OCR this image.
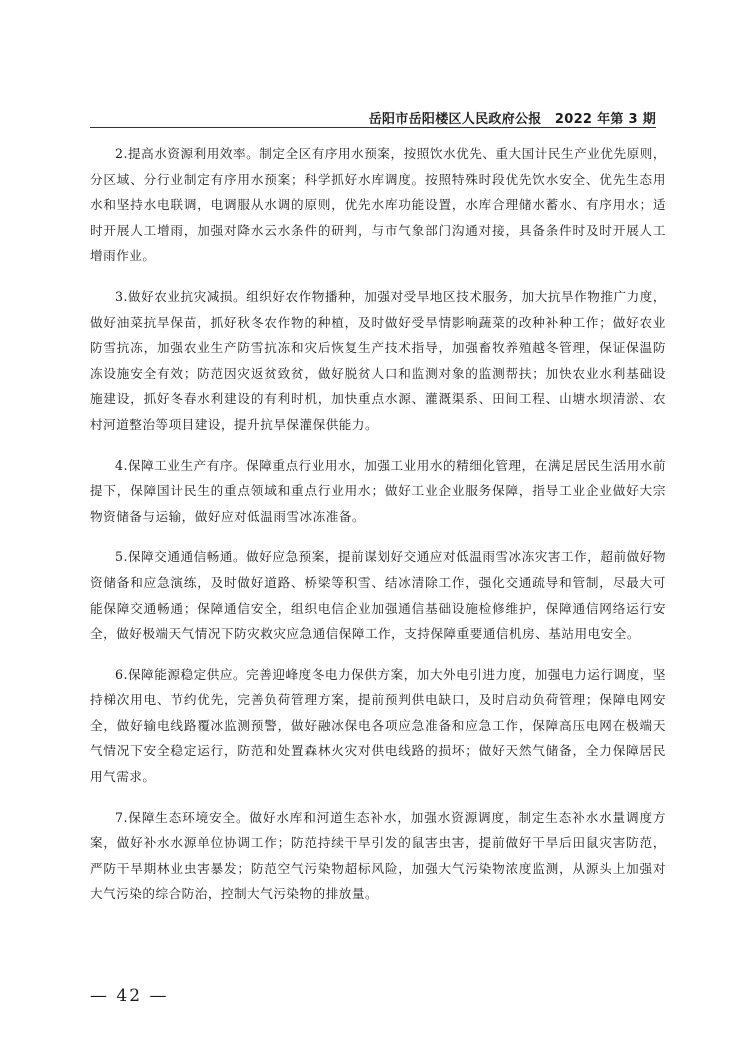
岳阳市岳阳楼区人民政府公报　2022 年第 3 期

2.提高水资源利用效率。制定全区有序用水预案，按照饮水优先、重大国计民生产业优先原则，分区域、分行业制定有序用水预案；科学抓好水库调度。按照特殊时段优先饮水安全、优先生态用水和坚持水电联调，电调服从水调的原则，优先水库功能设置，水库合理储水蓄水、有序用水；适时开展人工增雨，加强对降水云水条件的研判，与市气象部门沟通对接，具备条件时及时开展人工增雨作业。

3.做好农业抗灾减损。组织好农作物播种，加强对受旱地区技术服务，加大抗旱作物推广力度，做好油菜抗旱保苗，抓好秋冬农作物的种植，及时做好受旱情影响蔬菜的改种补种工作；做好农业防雪抗冻，加强农业生产防雪抗冻和灾后恢复生产技术指导，加强畜牧养殖越冬管理，保证保温防冻设施安全有效；防范因灾返贫致贫，做好脱贫人口和监测对象的监测帮扶；加快农业水利基础设施建设，抓好冬春水利建设的有利时机，加快重点水源、灌溉渠系、田间工程、山塘水坝清淤、农村河道整治等项目建设，提升抗旱保灌保供能力。

4.保障工业生产有序。保障重点行业用水，加强工业用水的精细化管理，在满足居民生活用水前提下，保障国计民生的重点领域和重点行业用水；做好工业企业服务保障，指导工业企业做好大宗物资储备与运输，做好应对低温雨雪冰冻准备。

5.保障交通通信畅通。做好应急预案，提前谋划好交通应对低温雨雪冰冻灾害工作，超前做好物资储备和应急演练，及时做好道路、桥梁等积雪、结冰清除工作，强化交通疏导和管制，尽最大可能保障交通畅通；保障通信安全，组织电信企业加强通信基础设施检修维护，保障通信网络运行安全，做好极端天气情况下防灾救灾应急通信保障工作，支持保障重要通信机房、基站用电安全。

6.保障能源稳定供应。完善迎峰度冬电力保供方案，加大外电引进力度，加强电力运行调度，坚持梯次用电、节约优先，完善负荷管理方案，提前预判供电缺口，及时启动负荷管理；保障电网安全，做好输电线路覆冰监测预警，做好融冰保电各项应急准备和应急工作，保障高压电网在极端天气情况下安全稳定运行，防范和处置森林火灾对供电线路的损坏；做好天然气储备，全力保障居民用气需求。

7.保障生态环境安全。做好水库和河道生态补水，加强水资源调度，制定生态补水水量调度方案，做好补水水源单位协调工作；防范持续干旱引发的鼠害虫害，提前做好干旱后田鼠灾害防范，严防干旱期林业虫害暴发；防范空气污染物超标风险，加强大气污染物浓度监测，从源头上加强对大气污染的综合防治，控制大气污染物的排放量。

— 42 —
